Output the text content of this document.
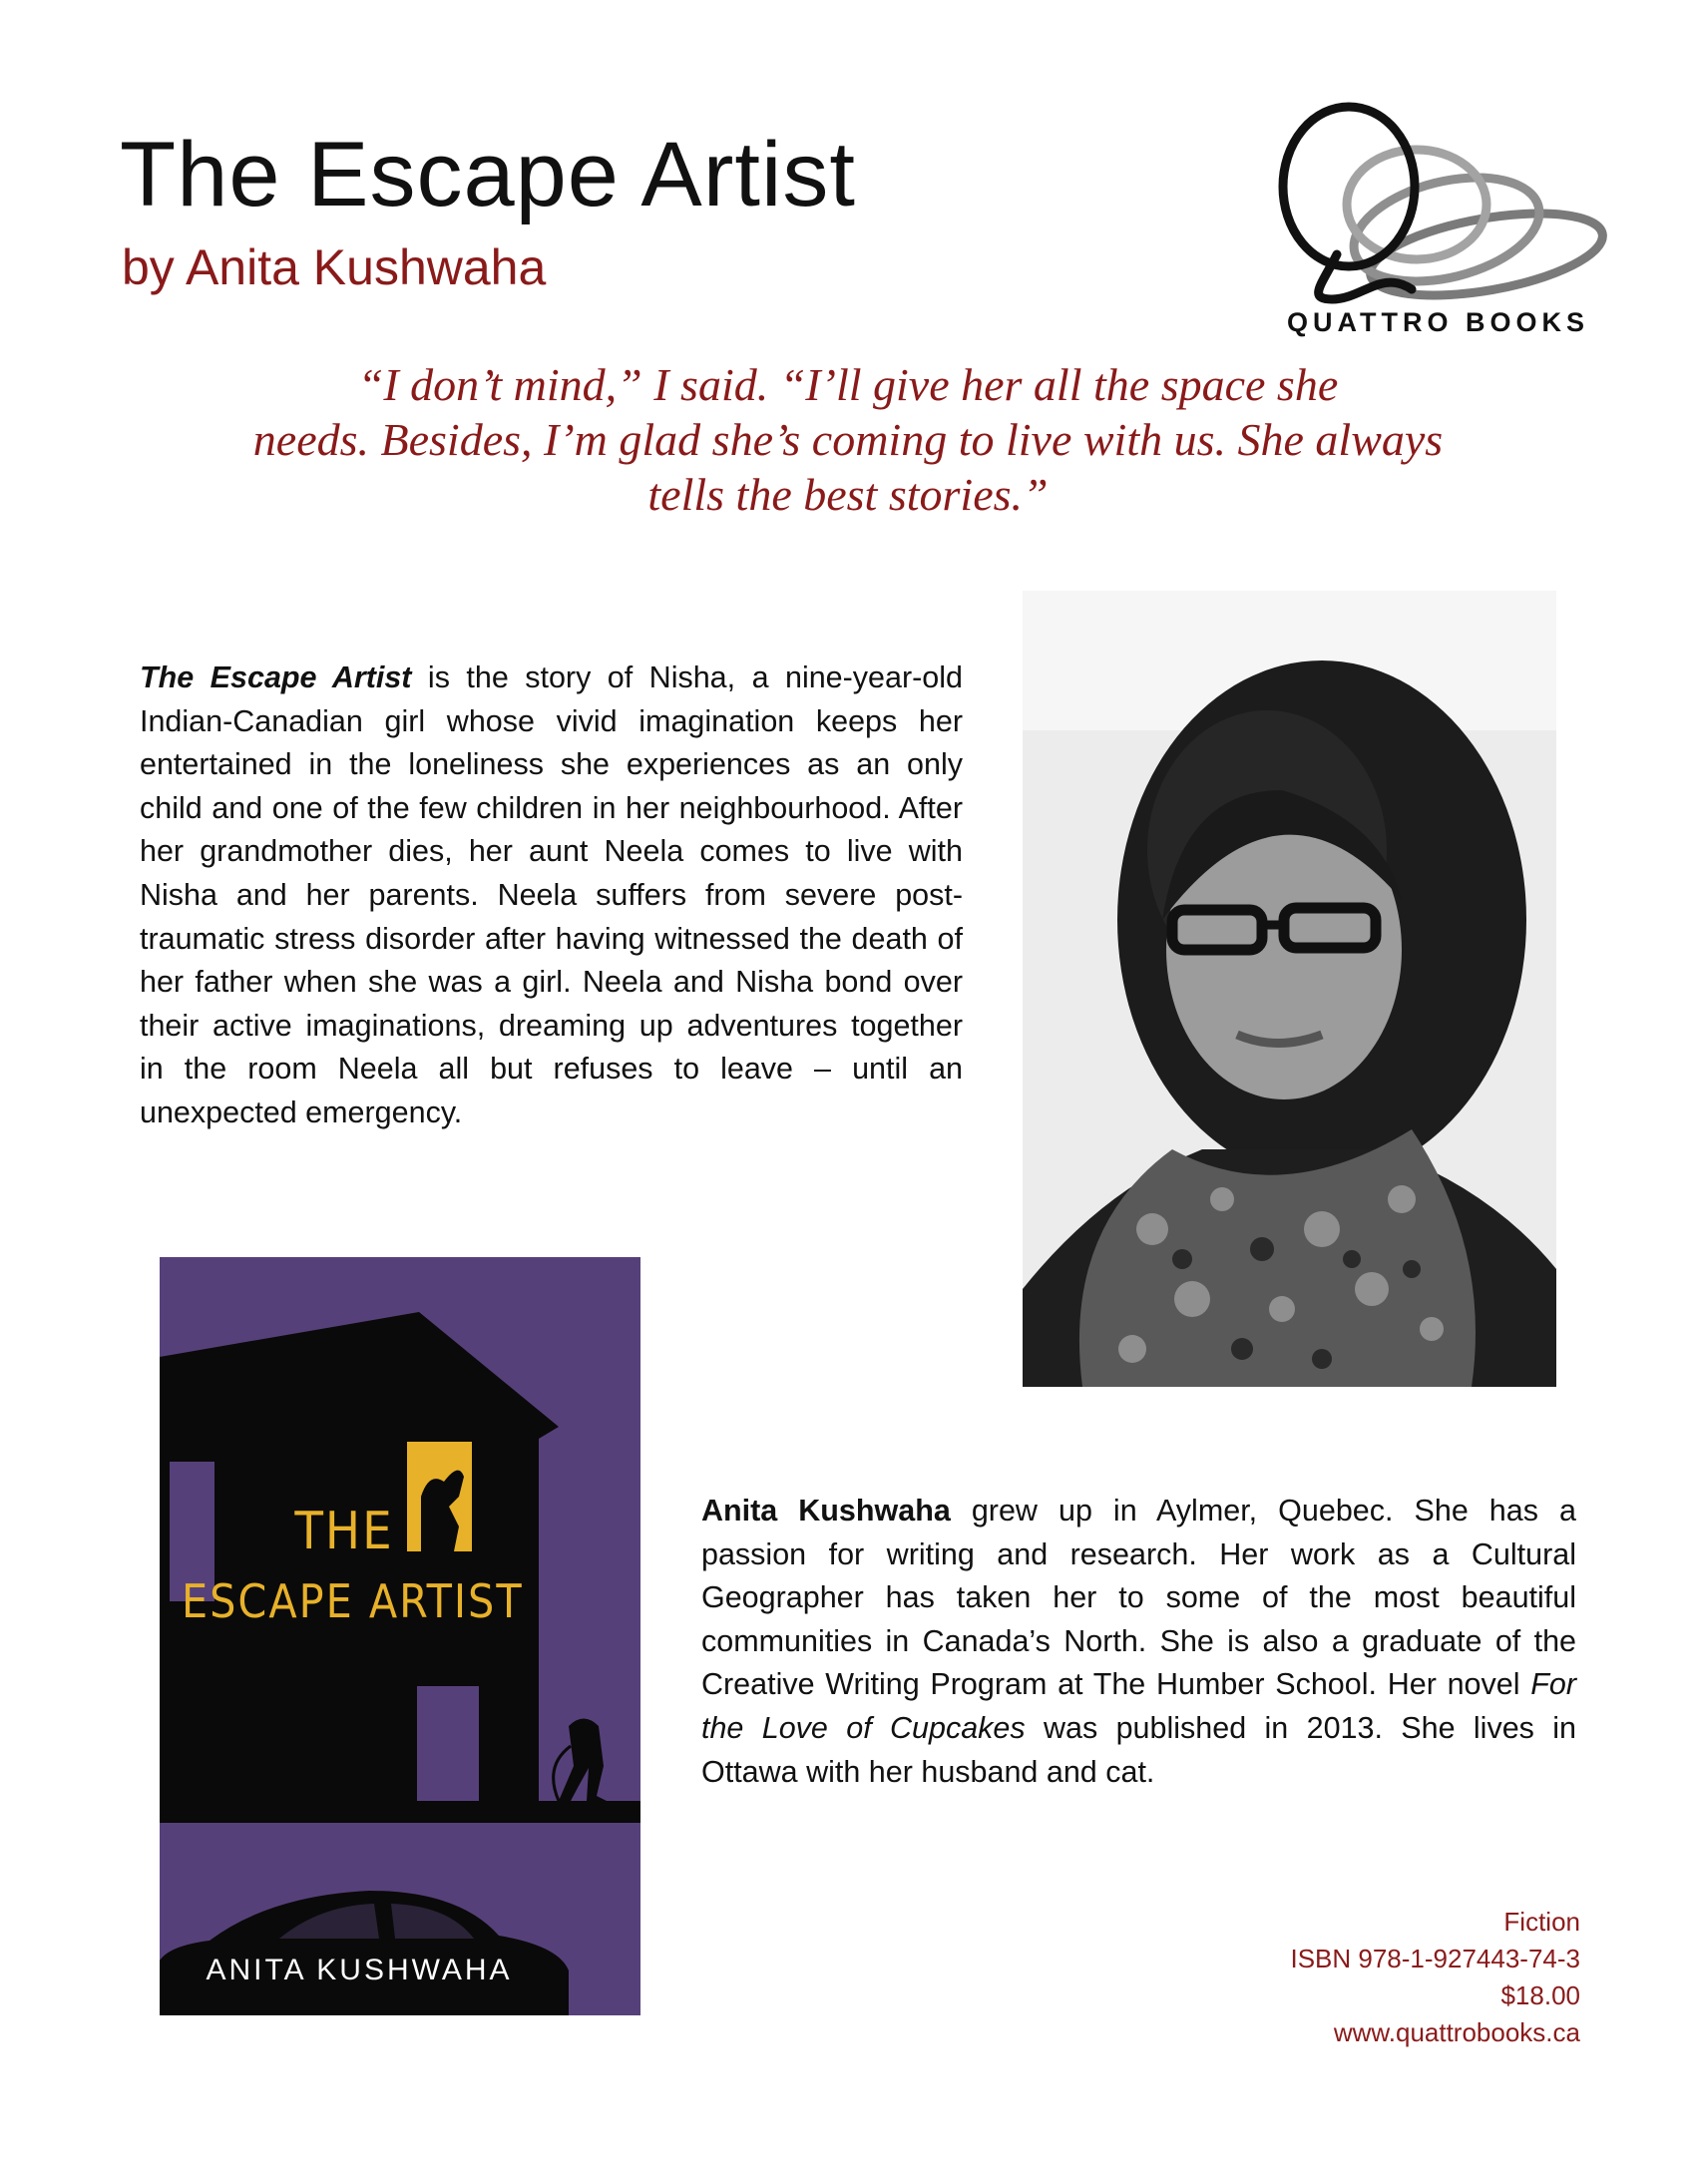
The Escape Artist
by Anita Kushwaha
QUATTRO BOOKS
“I don’t mind,” I said. “I’ll give her all the space she
needs. Besides, I’m glad she’s coming to live with us. She always
tells the best stories.”
The Escape Artist is the story of Nisha, a nine-year-old Indian-Canadian girl whose vivid imagination keeps her entertained in the loneliness she experiences as an only child and one of the few children in her neighbourhood. After her grandmother dies, her aunt Neela comes to live with Nisha and her parents. Neela suffers from severe post-traumatic stress disorder after having witnessed the death of her father when she was a girl. Neela and Nisha bond over their active imaginations, dreaming up adventures together in the room Neela all but refuses to leave – until an unexpected emergency.
THE
ESCAPE ARTIST
ANITA KUSHWAHA
Anita Kushwaha grew up in Aylmer, Quebec. She has a passion for writing and research. Her work as a Cultural Geographer has taken her to some of the most beautiful communities in Canada’s North. She is also a graduate of the Creative Writing Program at The Humber School. Her novel For the Love of Cupcakes was published in 2013. She lives in Ottawa with her husband and cat.
Fiction
ISBN 978-1-927443-74-3
$18.00
www.quattrobooks.ca
